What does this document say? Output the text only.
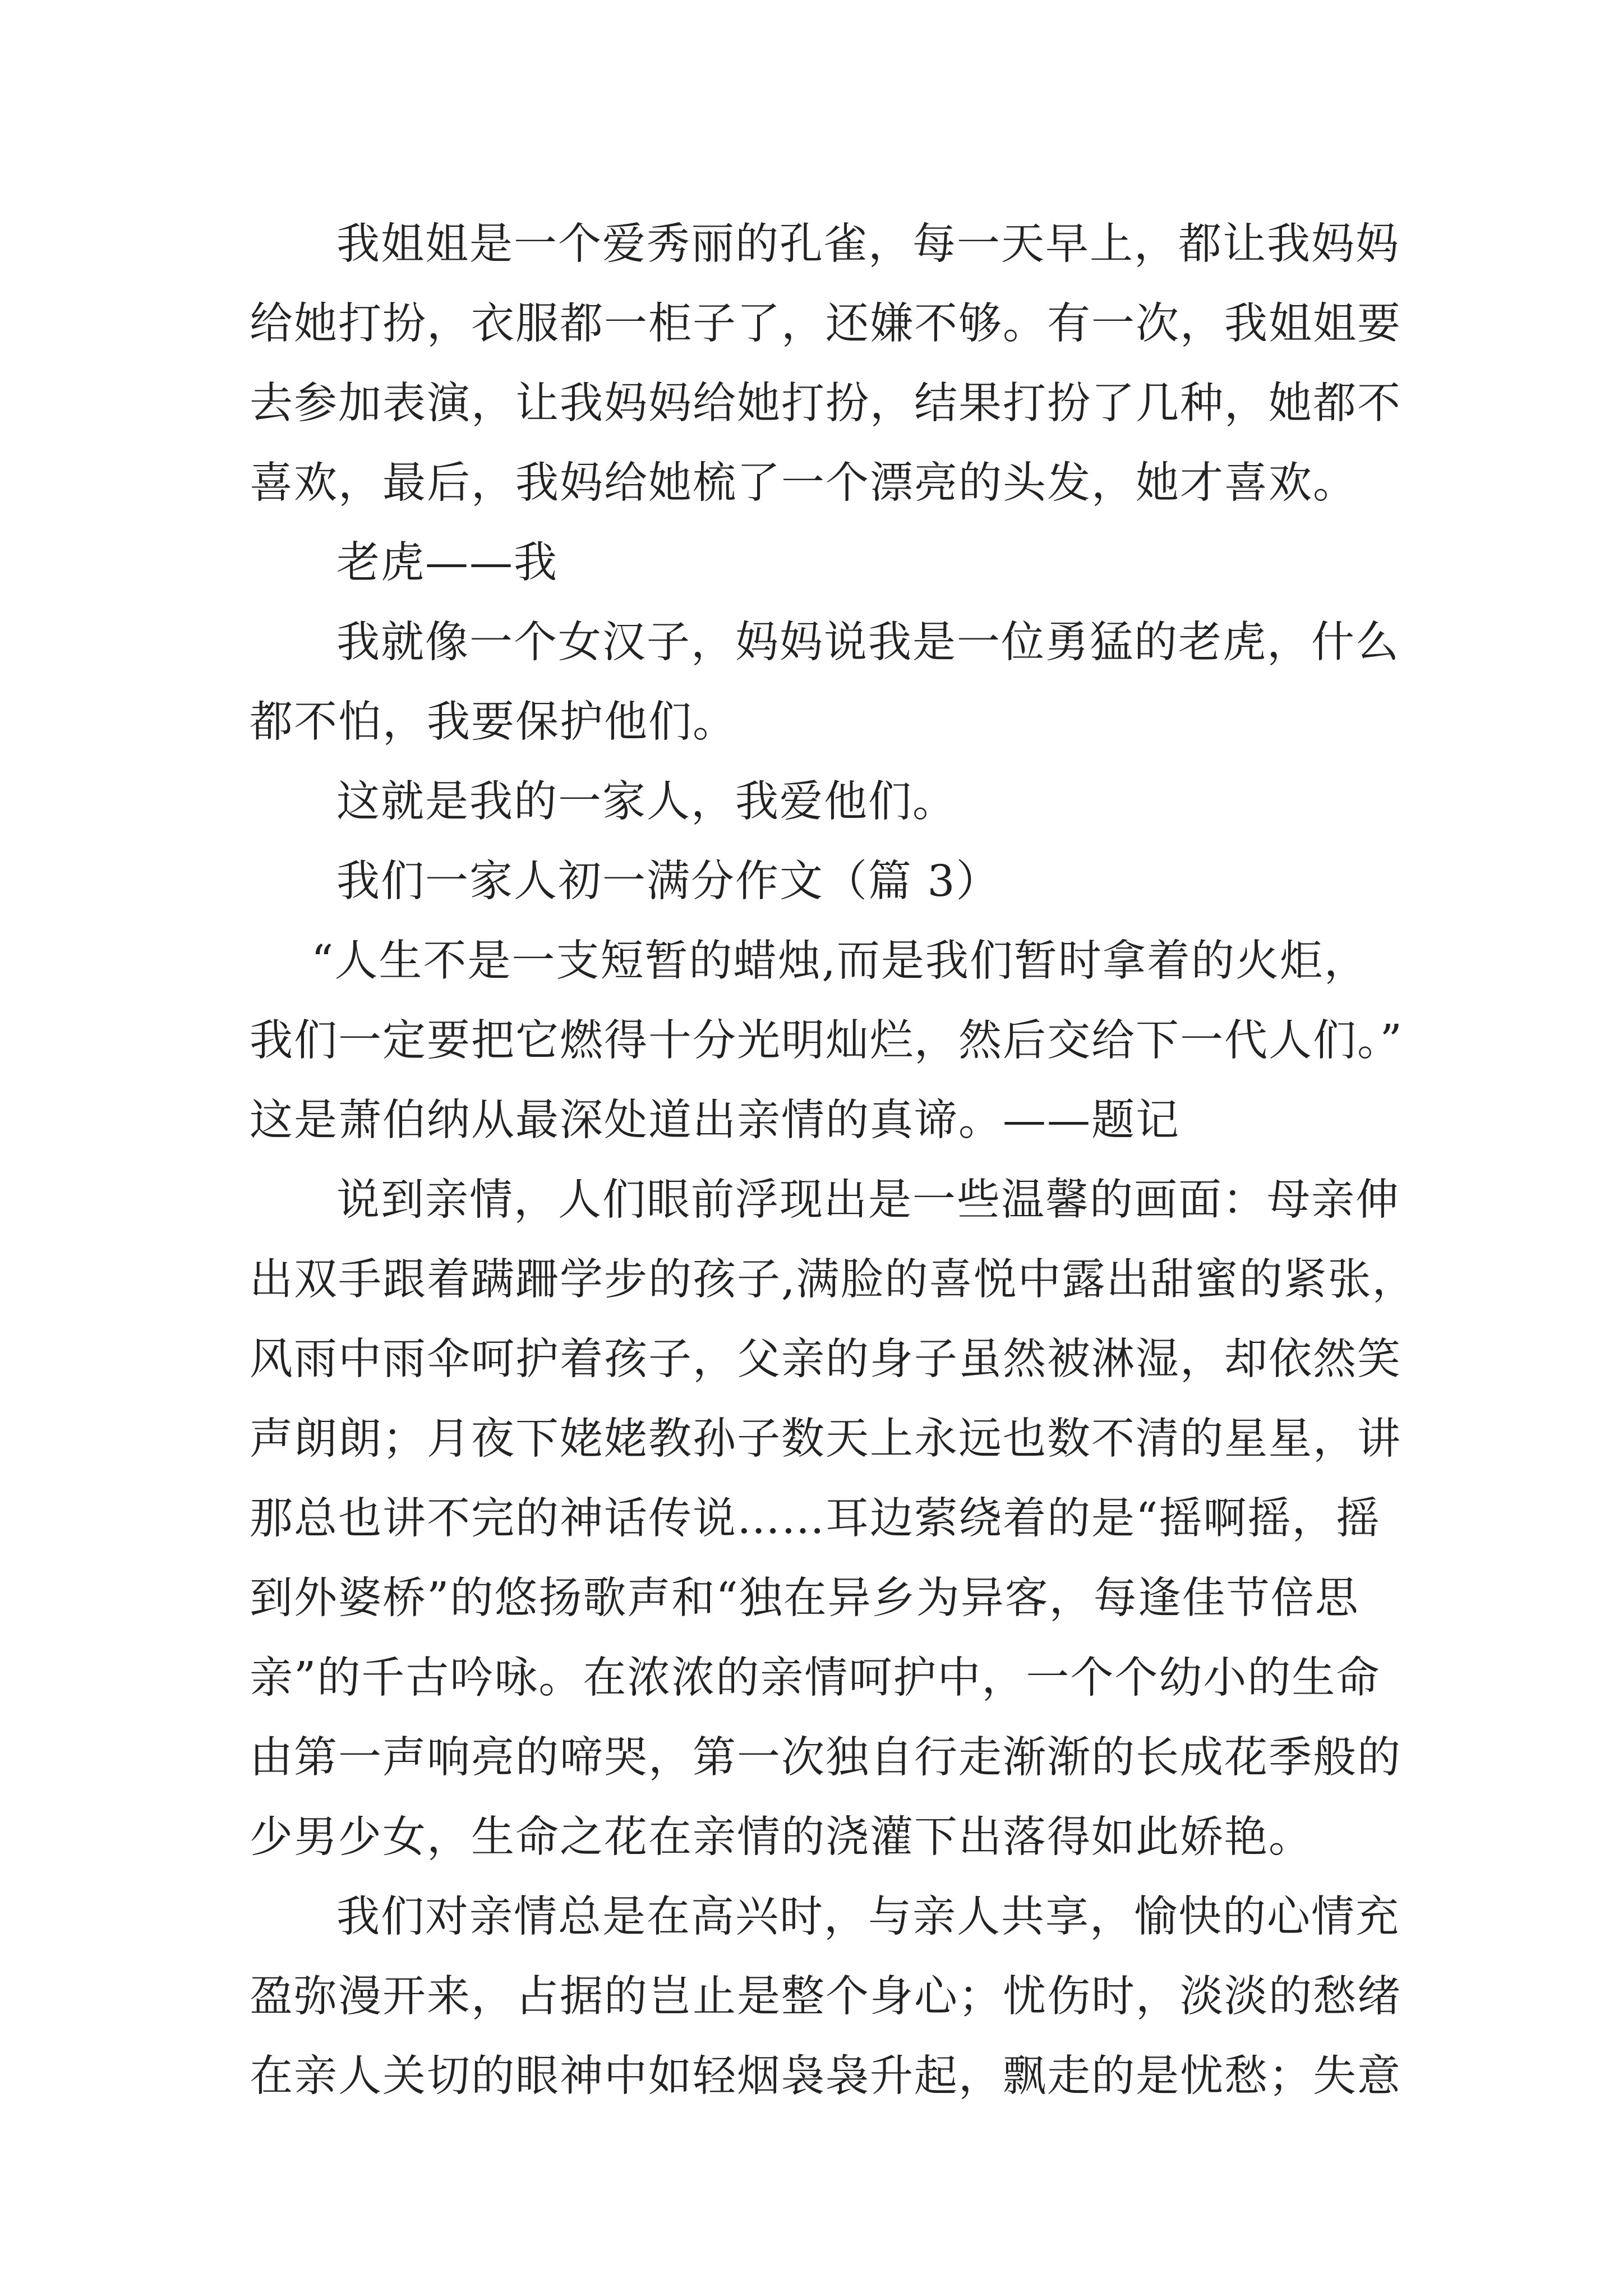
我姐姐是一个爱秀丽的孔雀，每一天早上，都让我妈妈
给她打扮，衣服都一柜子了，还嫌不够。有一次，我姐姐要
去参加表演，让我妈妈给她打扮，结果打扮了几种，她都不
喜欢，最后，我妈给她梳了一个漂亮的头发，她才喜欢。
老虎——我
我就像一个女汉子，妈妈说我是一位勇猛的老虎，什么
都不怕，我要保护他们。
这就是我的一家人，我爱他们。
我们一家人初一满分作文（篇 3）
“人生不是一支短暂的蜡烛,而是我们暂时拿着的火炬，
我们一定要把它燃得十分光明灿烂，然后交给下一代人们。”
这是萧伯纳从最深处道出亲情的真谛。——题记
说到亲情，人们眼前浮现出是一些温馨的画面：母亲伸
出双手跟着蹒跚学步的孩子,满脸的喜悦中露出甜蜜的紧张，
风雨中雨伞呵护着孩子，父亲的身子虽然被淋湿，却依然笑
声朗朗；月夜下姥姥教孙子数天上永远也数不清的星星，讲
那总也讲不完的神话传说……耳边萦绕着的是“摇啊摇，摇
到外婆桥”的悠扬歌声和“独在异乡为异客，每逢佳节倍思
亲”的千古吟咏。在浓浓的亲情呵护中，一个个幼小的生命
由第一声响亮的啼哭，第一次独自行走渐渐的长成花季般的
少男少女，生命之花在亲情的浇灌下出落得如此娇艳。
我们对亲情总是在高兴时，与亲人共享，愉快的心情充
盈弥漫开来，占据的岂止是整个身心；忧伤时，淡淡的愁绪
在亲人关切的眼神中如轻烟袅袅升起，飘走的是忧愁；失意
